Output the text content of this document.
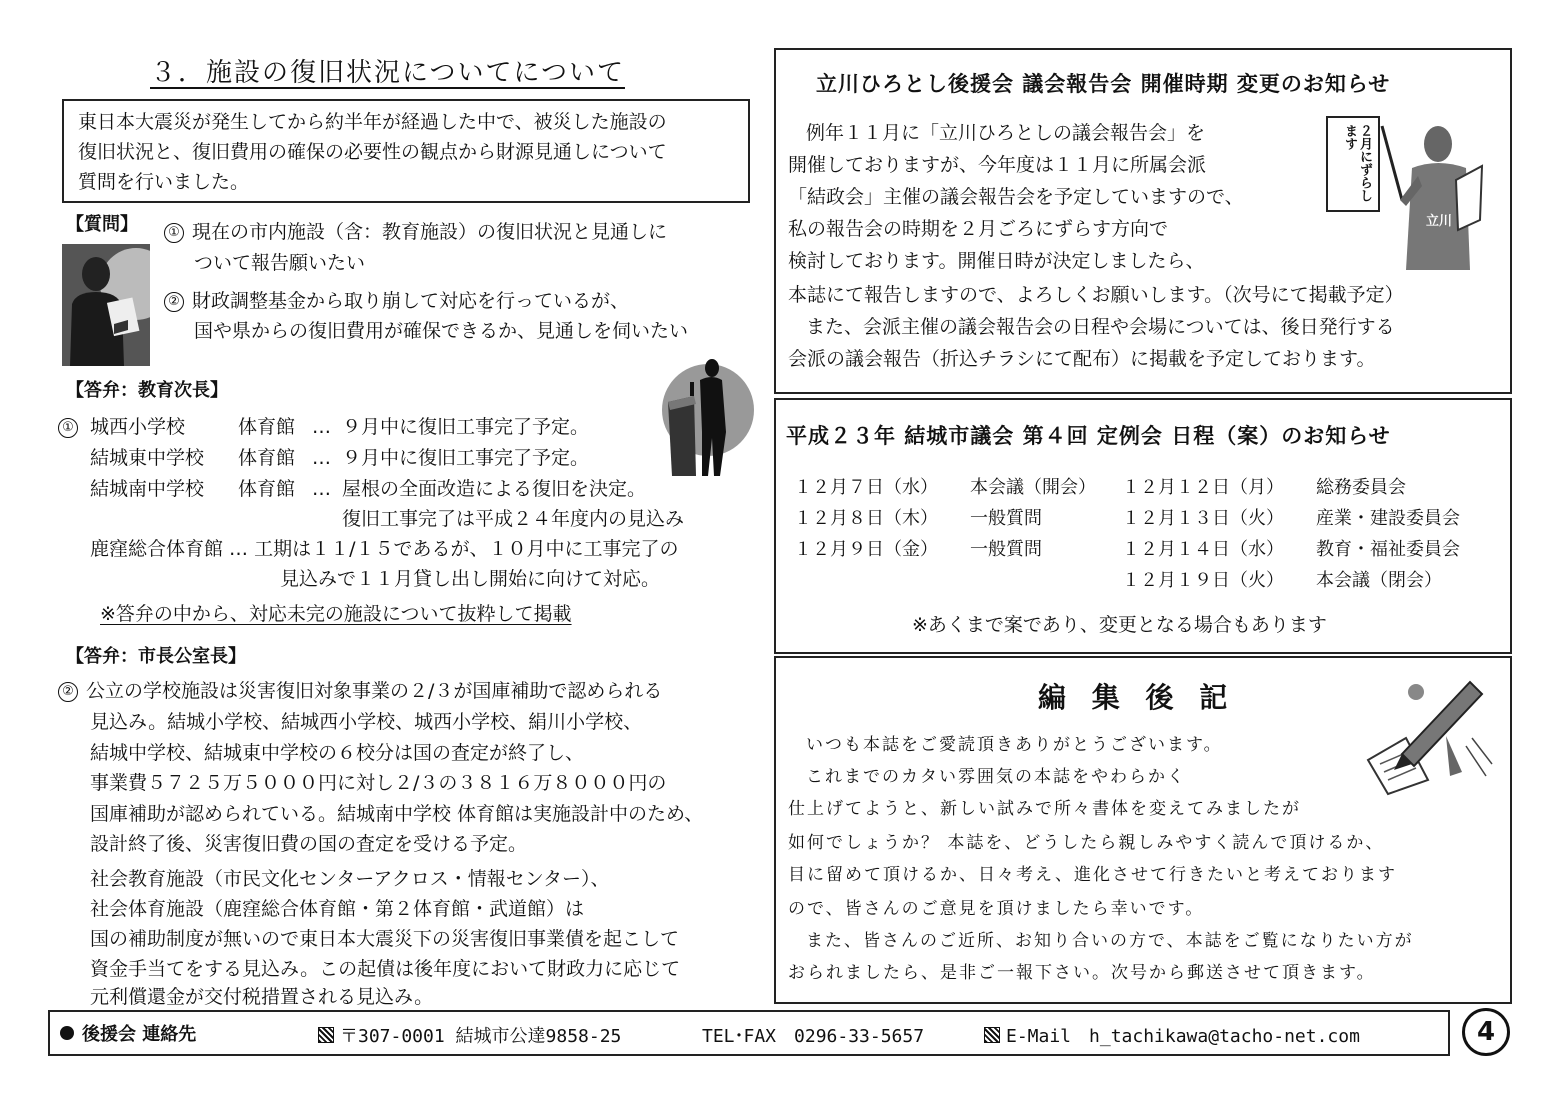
３．施設の復旧状況についてについて
東日本大震災が発生してから約半年が経過した中で、被災した施設の
復旧状況と、復旧費用の確保の必要性の観点から財源見通しについて
質問を行いました。
【質問】	① 現在の市内施設（含：教育施設）の復旧状況と見通しに
ついて報告願いたい
② 財政調整基金から取り崩して対応を行っているが、
国や県からの復旧費用が確保できるか、見通しを伺いたい
【答弁：教育次長】
① 城西小学校	体育館 … ９月中に復旧工事完了予定。
結城東中学校 体育館 … ９月中に復旧工事完了予定。
結城南中学校 体育館 … 屋根の全面改造による復旧を決定。
復旧工事完了は平成２４年度内の見込み
鹿窪総合体育館 … 工期は１１/１５であるが、１０月中に工事完了の
見込みで１１月貸し出し開始に向けて対応。
※答弁の中から、対応未完の施設について抜粋して掲載
【答弁：市長公室長】
② 公立の学校施設は災害復旧対象事業の２/３が国庫補助で認められる
見込み。結城小学校、結城西小学校、城西小学校、絹川小学校、
結城中学校、結城東中学校の６校分は国の査定が終了し、
事業費５７２５万５０００円に対し２/３の３８１６万８０００円の
国庫補助が認められている。結城南中学校 体育館は実施設計中のため、
設計終了後、災害復旧費の国の査定を受ける予定。
社会教育施設（市民文化センターアクロス・情報センター）、
社会体育施設（鹿窪総合体育館・第２体育館・武道館）は
国の補助制度が無いので東日本大震災下の災害復旧事業債を起こして
資金手当てをする見込み。この起債は後年度において財政力に応じて
元利償還金が交付税措置される見込み。
立川ひろとし後援会 議会報告会 開催時期 変更のお知らせ
例年１１月に「立川ひろとしの議会報告会」を
開催しておりますが、今年度は１１月に所属会派
「結政会」主催の議会報告会を予定していますので、
私の報告会の時期を２月ごろにずらす方向で
検討しております。開催日時が決定しましたら、
本誌にて報告しますので、よろしくお願いします。（次号にて掲載予定）
また、会派主催の議会報告会の日程や会場については、後日発行する
会派の議会報告（折込チラシにて配布）に掲載を予定しております。
２月にずらします
立川
平成２３年 結城市議会 第４回 定例会 日程（案）のお知らせ
１２月７日（水）	本会議（開会）	１２月１２日（月）	総務委員会
１２月８日（木）	一般質問	１２月１３日（火）	産業・建設委員会
１２月９日（金）	一般質問	１２月１４日（水）	教育・福祉委員会
		１２月１９日（火）	本会議（閉会）
※あくまで案であり、変更となる場合もあります
編 集 後 記
いつも本誌をご愛読頂きありがとうございます。
これまでのカタい雰囲気の本誌をやわらかく
仕上げてようと、新しい試みで所々書体を変えてみましたが
如何でしょうか？ 本誌を、どうしたら親しみやすく読んで頂けるか、
目に留めて頂けるか、日々考え、進化させて行きたいと考えております
ので、皆さんのご意見を頂けましたら幸いです。
また、皆さんのご近所、お知り合いの方で、本誌をご覧になりたい方が
おられましたら、是非ご一報下さい。次号から郵送させて頂きます。
後援会 連絡先	〒307-0001 結城市公達9858-25	TEL･FAX　0296-33-5657	E-Mail　h_tachikawa@tacho-net.com	4
